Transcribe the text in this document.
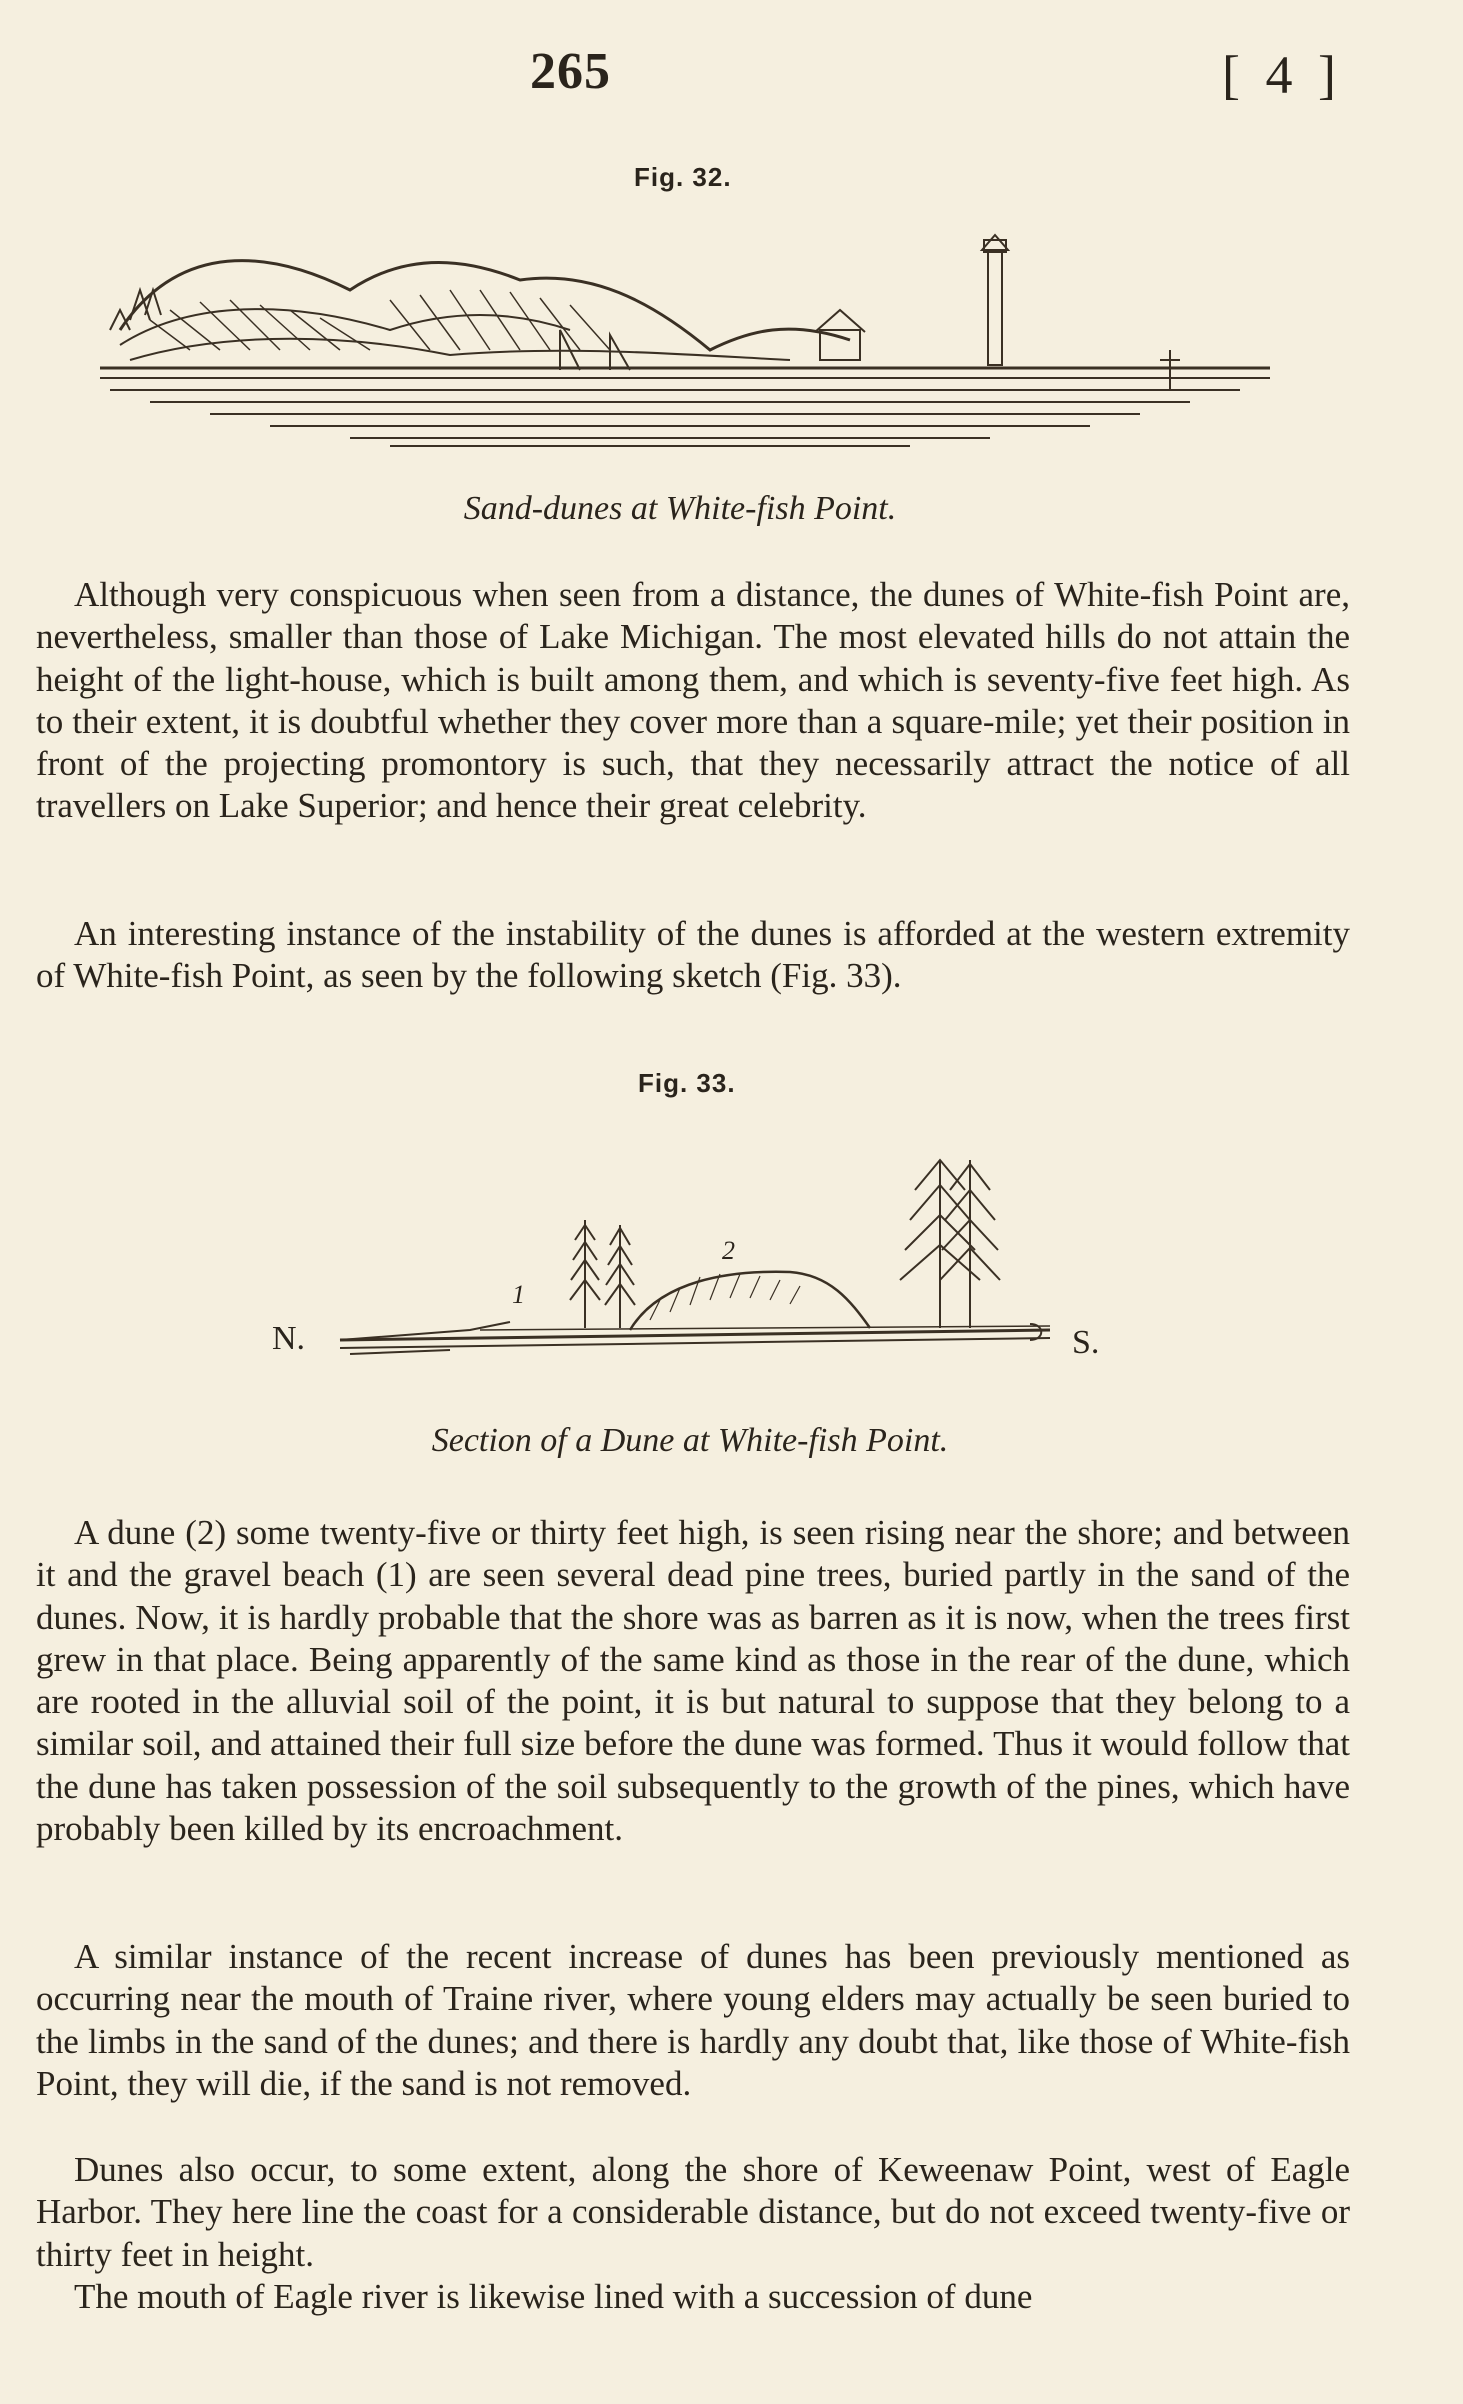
265	[ 4 ]
Fig. 32.
Sand-dunes at White-fish Point.

Although very conspicuous when seen from a distance, the dunes of White-fish Point are, nevertheless, smaller than those of Lake Michigan. The most elevated hills do not attain the height of the light-house, which is built among them, and which is seventy-five feet high. As to their extent, it is doubtful whether they cover more than a square-mile; yet their position in front of the projecting promontory is such, that they necessarily attract the notice of all travellers on Lake Superior; and hence their great celebrity.

An interesting instance of the instability of the dunes is afforded at the western extremity of White-fish Point, as seen by the following sketch (Fig. 33).

Fig. 33.
N.	S.
1
2
Section of a Dune at White-fish Point.

A dune (2) some twenty-five or thirty feet high, is seen rising near the shore; and between it and the gravel beach (1) are seen several dead pine trees, buried partly in the sand of the dunes. Now, it is hardly probable that the shore was as barren as it is now, when the trees first grew in that place. Being apparently of the same kind as those in the rear of the dune, which are rooted in the alluvial soil of the point, it is but natural to suppose that they belong to a similar soil, and attained their full size before the dune was formed. Thus it would follow that the dune has taken possession of the soil subsequently to the growth of the pines, which have probably been killed by its encroachment.

A similar instance of the recent increase of dunes has been previously mentioned as occurring near the mouth of Traine river, where young elders may actually be seen buried to the limbs in the sand of the dunes; and there is hardly any doubt that, like those of White-fish Point, they will die, if the sand is not removed.

Dunes also occur, to some extent, along the shore of Keweenaw Point, west of Eagle Harbor. They here line the coast for a considerable distance, but do not exceed twenty-five or thirty feet in height.

The mouth of Eagle river is likewise lined with a succession of dune
